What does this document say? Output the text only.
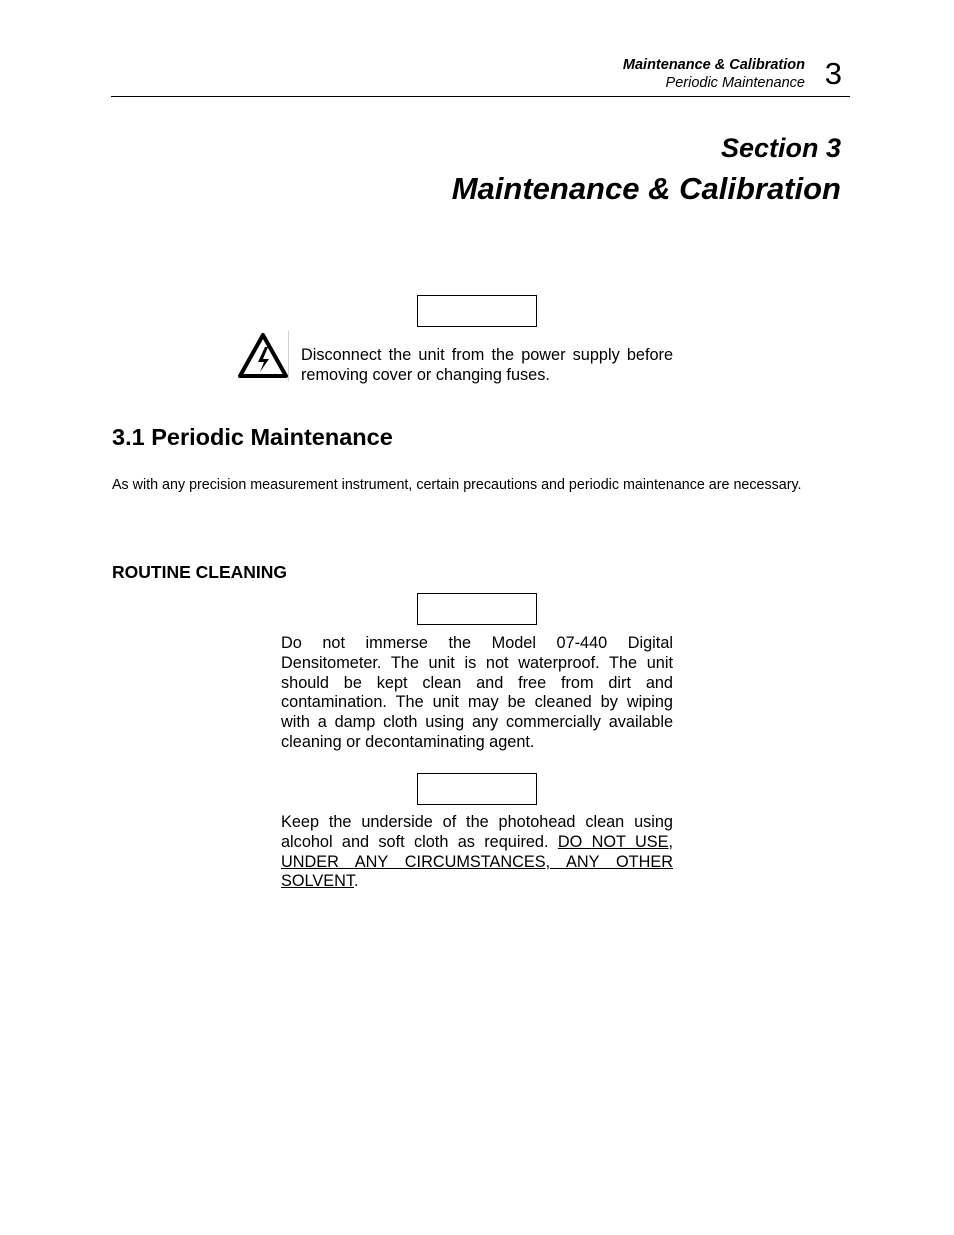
Maintenance & Calibration
Periodic Maintenance 3
Section 3
Maintenance & Calibration
Disconnect the unit from the power supply before removing cover or changing fuses.
3.1 Periodic Maintenance
As with any precision measurement instrument, certain precautions and periodic maintenance are necessary.
ROUTINE CLEANING
Do not immerse the Model 07-440 Digital Densitometer. The unit is not waterproof. The unit should be kept clean and free from dirt and contamination. The unit may be cleaned by wiping with a damp cloth using any commercially available cleaning or decontaminating agent.
Keep the underside of the photohead clean using alcohol and soft cloth as required. DO NOT USE, UNDER ANY CIRCUMSTANCES, ANY OTHER SOLVENT.
